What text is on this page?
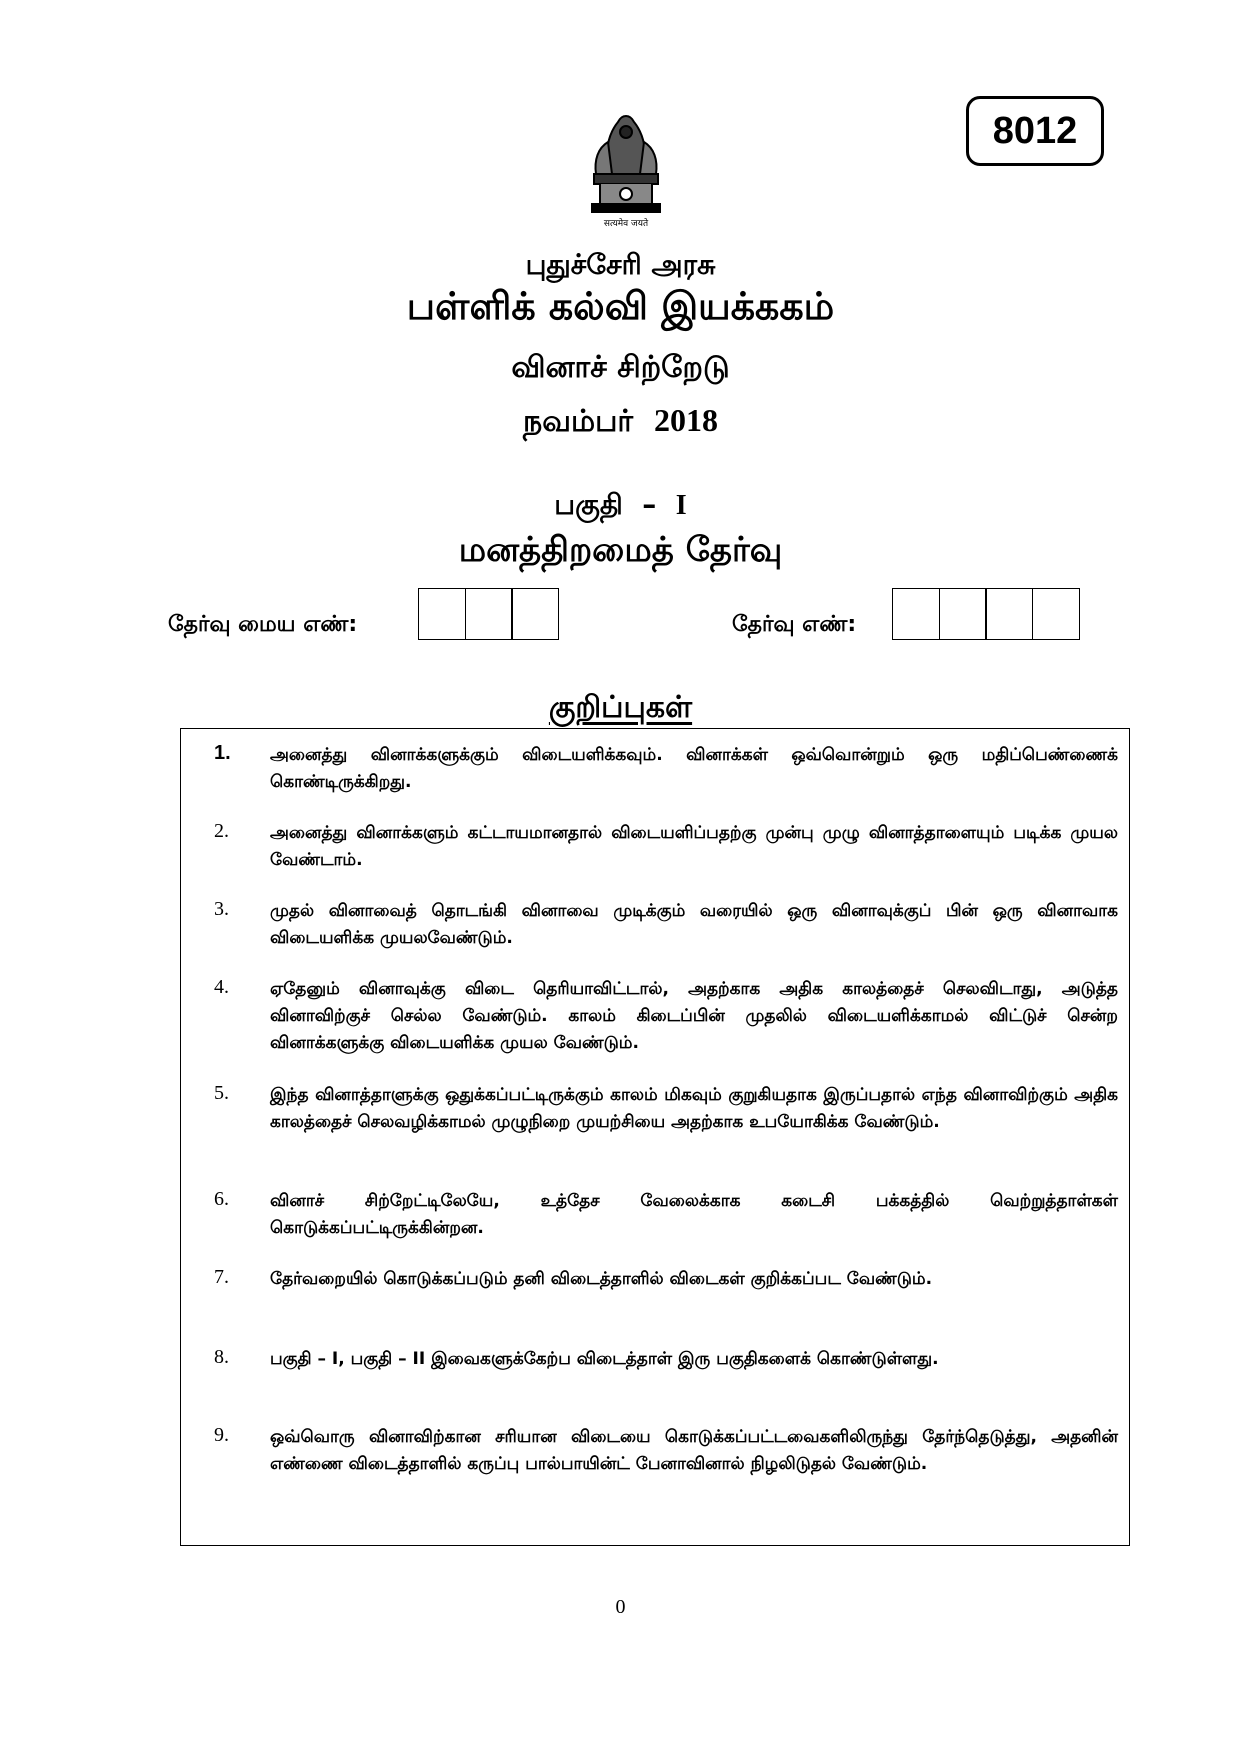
सत्यमेव जयते
8012
புதுச்சேரி அரசு
பள்ளிக் கல்வி இயக்ககம்
வினாச் சிற்றேடு
நவம்பர் 2018
பகுதி  –  I
மனத்திறமைத் தேர்வு
தேர்வு மைய எண்:	தேர்வு எண்:
குறிப்புகள்
1.	அனைத்து வினாக்களுக்கும் விடையளிக்கவும். வினாக்கள் ஒவ்வொன்றும் ஒரு மதிப்பெண்ணைக் கொண்டிருக்கிறது.
2.	அனைத்து வினாக்களும் கட்டாயமானதால் விடையளிப்பதற்கு முன்பு முழு வினாத்தாளையும் படிக்க முயல வேண்டாம்.
3.	முதல் வினாவைத் தொடங்கி வினாவை முடிக்கும் வரையில் ஒரு வினாவுக்குப் பின் ஒரு வினாவாக விடையளிக்க முயலவேண்டும்.
4.	ஏதேனும் வினாவுக்கு விடை தெரியாவிட்டால், அதற்காக அதிக காலத்தைச் செலவிடாது, அடுத்த வினாவிற்குச் செல்ல வேண்டும். காலம் கிடைப்பின் முதலில் விடையளிக்காமல் விட்டுச் சென்ற வினாக்களுக்கு விடையளிக்க முயல வேண்டும்.
5.	இந்த வினாத்தாளுக்கு ஒதுக்கப்பட்டிருக்கும் காலம் மிகவும் குறுகியதாக இருப்பதால் எந்த வினாவிற்கும் அதிக காலத்தைச் செலவழிக்காமல் முழுநிறை முயற்சியை அதற்காக உபயோகிக்க வேண்டும்.
6.	வினாச் சிற்றேட்டிலேயே, உத்தேச வேலைக்காக கடைசி பக்கத்தில் வெற்றுத்தாள்கள் கொடுக்கப்பட்டிருக்கின்றன.
7.	தேர்வறையில் கொடுக்கப்படும் தனி விடைத்தாளில் விடைகள் குறிக்கப்பட வேண்டும்.
8.	பகுதி – I, பகுதி – II இவைகளுக்கேற்ப விடைத்தாள் இரு பகுதிகளைக் கொண்டுள்ளது.
9.	ஒவ்வொரு வினாவிற்கான சரியான விடையை கொடுக்கப்பட்டவைகளிலிருந்து தேர்ந்தெடுத்து, அதனின் எண்ணை விடைத்தாளில் கருப்பு பால்பாயின்ட் பேனாவினால் நிழலிடுதல் வேண்டும்.
0
